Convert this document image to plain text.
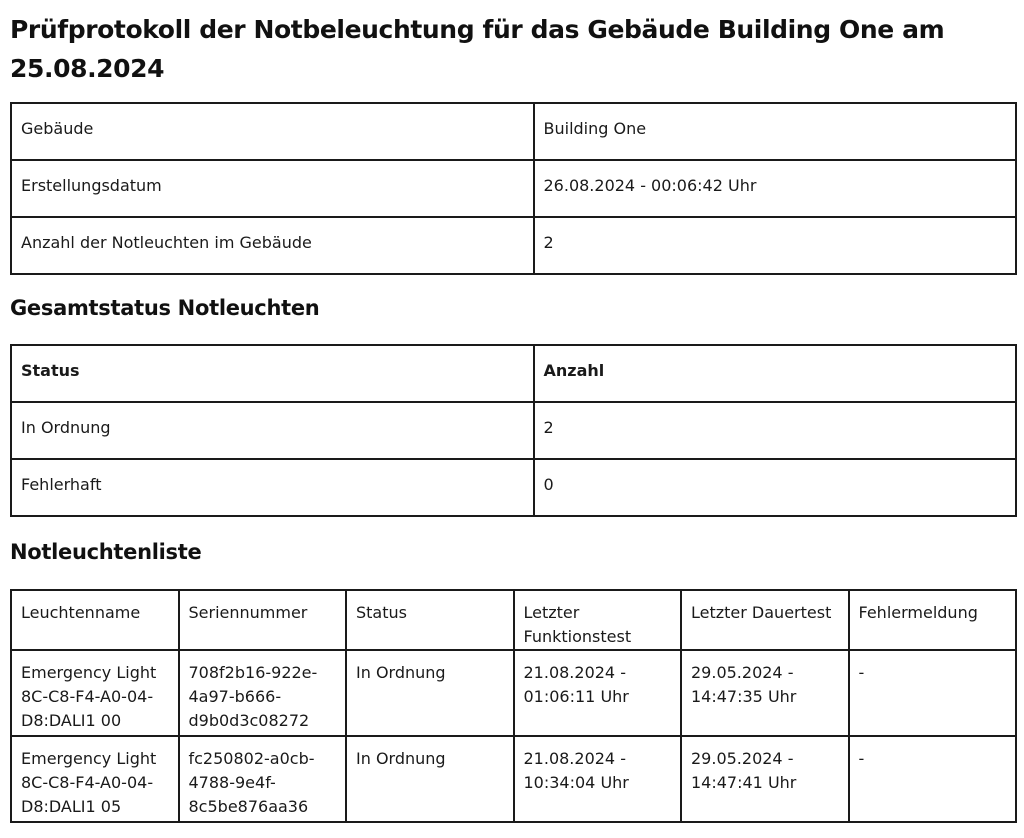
Prüfprotokoll der Notbeleuchtung für das Gebäude Building One am 25.08.2024
Gebäude	Building One
Erstellungsdatum	26.08.2024 - 00:06:42 Uhr
Anzahl der Notleuchten im Gebäude	2
Gesamtstatus Notleuchten
Status	Anzahl
In Ordnung	2
Fehlerhaft	0
Notleuchtenliste
Leuchtenname	Seriennummer	Status	Letzter Funktionstest	Letzter Dauertest	Fehlermeldung
Emergency Light 8C-C8-F4-A0-04-D8:DALI1 00	708f2b16-922e-4a97-b666-d9b0d3c08272	In Ordnung	21.08.2024 - 01:06:11 Uhr	29.05.2024 - 14:47:35 Uhr	-
Emergency Light 8C-C8-F4-A0-04-D8:DALI1 05	fc250802-a0cb-4788-9e4f-8c5be876aa36	In Ordnung	21.08.2024 - 10:34:04 Uhr	29.05.2024 - 14:47:41 Uhr	-
